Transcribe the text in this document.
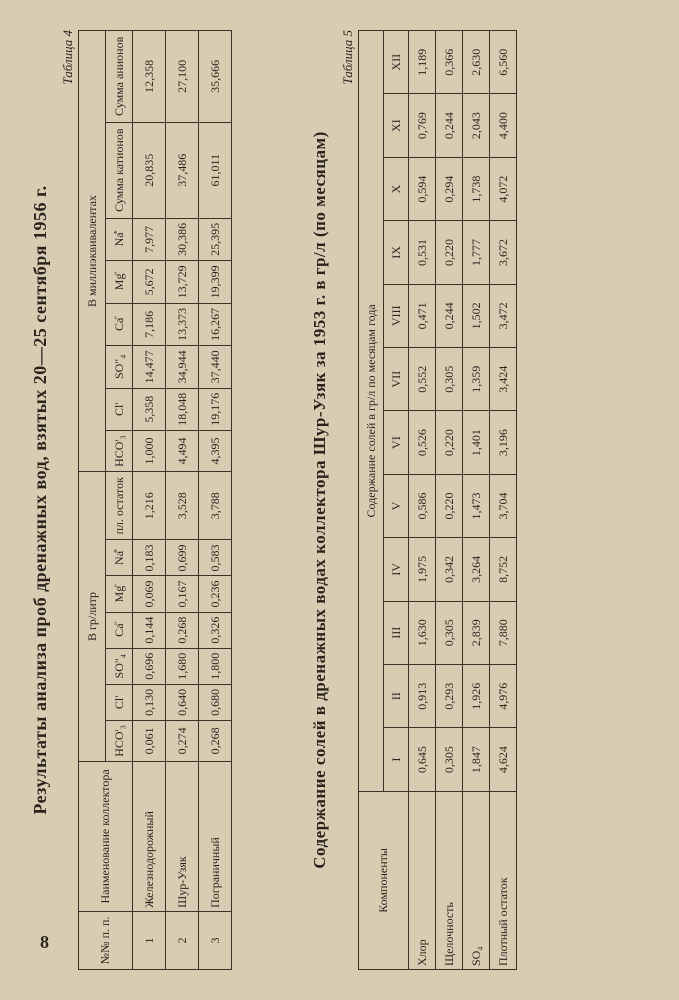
8
Результаты анализа проб дренажных вод, взятых 20—25 сентября 1956 г.
Таблица 4
№№ п. п.	Наименование коллектора	В гр/литр							В миллиэквивалентах							
		HCO'₃	Cl'	SO"₄	Ca̎	Mg̎	Na̐	пл. остаток	HCO'₃	Cl'	SO"₄	Ca̎	Mg̎	Na̐	Сумма катионов	Сумма анионов
1	Железнодорожный	0,061	0,130	0,696	0,144	0,069	0,183	1,216	1,000	5,358	14,477	7,186	5,672	7,977	20,835	12,358
2	Шур-Узяк	0,274	0,640	1,680	0,268	0,167	0,699	3,528	4,494	18,048	34,944	13,373	13,729	30,386	37,486	27,100
3	Пограничный	0,268	0,680	1,800	0,326	0,236	0,583	3,788	4,395	19,176	37,440	16,267	19,399	25,395	61,011	35,666
Содержание солей в дренажных водах коллектора Шур-Узяк за 1953 г. в гр/л (по месяцам)
Таблица 5
Компоненты	Содержание солей в гр/л по месяцам года											
	I	II	III	IV	V	VI	VII	VIII	IX	X	XI	XII
Хлор	0,645	0,913	1,630	1,975	0,586	0,526	0,552	0,471	0,531	0,594	0,769	1,189
Щелочность	0,305	0,293	0,305	0,342	0,220	0,220	0,305	0,244	0,220	0,294	0,244	0,366
SO₄	1,847	1,926	2,839	3,264	1,473	1,401	1,359	1,502	1,777	1,738	2,043	2,630
Плотный остаток	4,624	4,976	7,880	8,752	3,704	3,196	3,424	3,472	3,672	4,072	4,400	6,560
